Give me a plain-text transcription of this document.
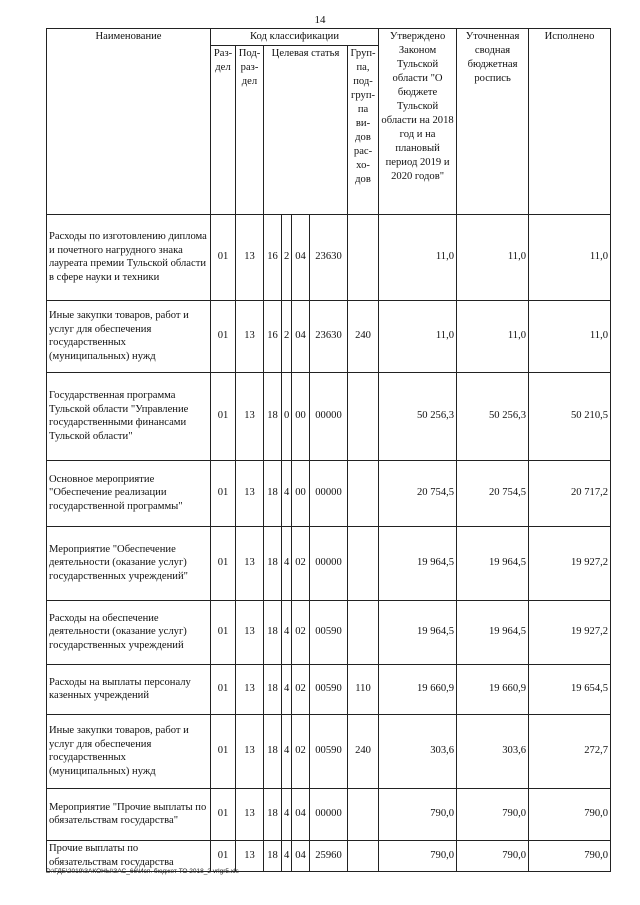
14
Наименование	Код классификации							Утверждено Законом Тульской области "О бюджете Тульской области на 2018 год и на плановый период 2019 и 2020 годов"	Уточненная сводная бюджетная роспись	Исполнено
	Раз-дел	Под-раз-дел	Целевая статья				Груп-па, под-груп-па ви-дов рас-хо-дов			
Расходы по изготовлению диплома и почетного нагрудного знака лауреата премии Тульской области в сфере науки и техники	01	13	16	2	04	23630		11,0	11,0	11,0
Иные закупки товаров, работ и услуг для обеспечения государственных (муниципальных) нужд	01	13	16	2	04	23630	240	11,0	11,0	11,0
Государственная программа Тульской области "Управление государственными финансами Тульской области"	01	13	18	0	00	00000		50 256,3	50 256,3	50 210,5
Основное мероприятие "Обеспечение реализации государственной программы"	01	13	18	4	00	00000		20 754,5	20 754,5	20 717,2
Мероприятие "Обеспечение деятельности (оказание услуг) государственных учреждений"	01	13	18	4	02	00000		19 964,5	19 964,5	19 927,2
Расходы на обеспечение деятельности (оказание услуг) государственных учреждений	01	13	18	4	02	00590		19 964,5	19 964,5	19 927,2
Расходы на выплаты персоналу казенных учреждений	01	13	18	4	02	00590	110	19 660,9	19 660,9	19 654,5
Иные закупки товаров, работ и услуг для обеспечения государственных (муниципальных) нужд	01	13	18	4	02	00590	240	303,6	303,6	272,7
Мероприятие "Прочие выплаты по обязательствам государства"	01	13	18	4	04	00000		790,0	790,0	790,0
Прочие выплаты по обязательствам государства	01	13	18	4	04	25960		790,0	790,0	790,0
D:\ГДБ\2019\ЗАКОНЫ\ЗАС_66\Исп. бюджет ТО 2018_2 vrlgr5.xls
